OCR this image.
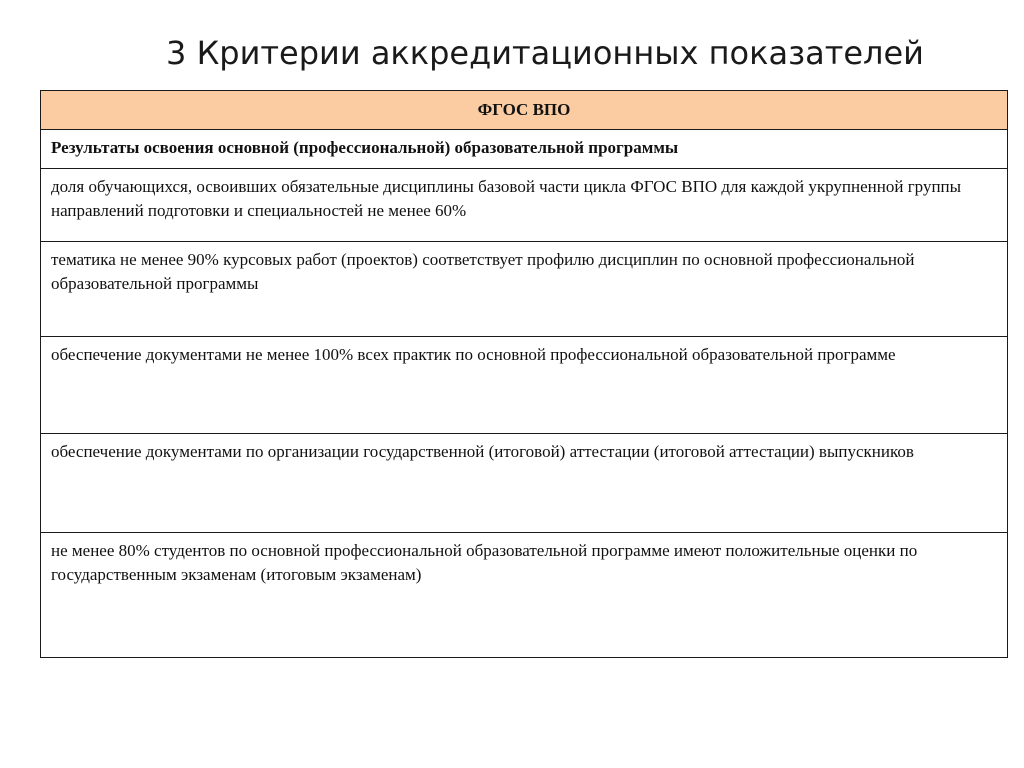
3 Критерии аккредитационных показателей
ФГОС ВПО
Результаты освоения основной (профессиональной) образовательной программы
доля обучающихся, освоивших обязательные дисциплины базовой части цикла ФГОС ВПО для каждой укрупненной группы направлений подготовки и специальностей не менее 60%
тематика не менее 90% курсовых работ (проектов) соответствует профилю дисциплин по основной профессиональной образовательной программы
обеспечение документами не менее 100% всех практик по основной профессиональной образовательной программе
обеспечение документами по организации государственной (итоговой) аттестации (итоговой аттестации) выпускников
не менее 80% студентов по основной профессиональной образовательной программе имеют положительные оценки по государственным экзаменам (итоговым экзаменам)
